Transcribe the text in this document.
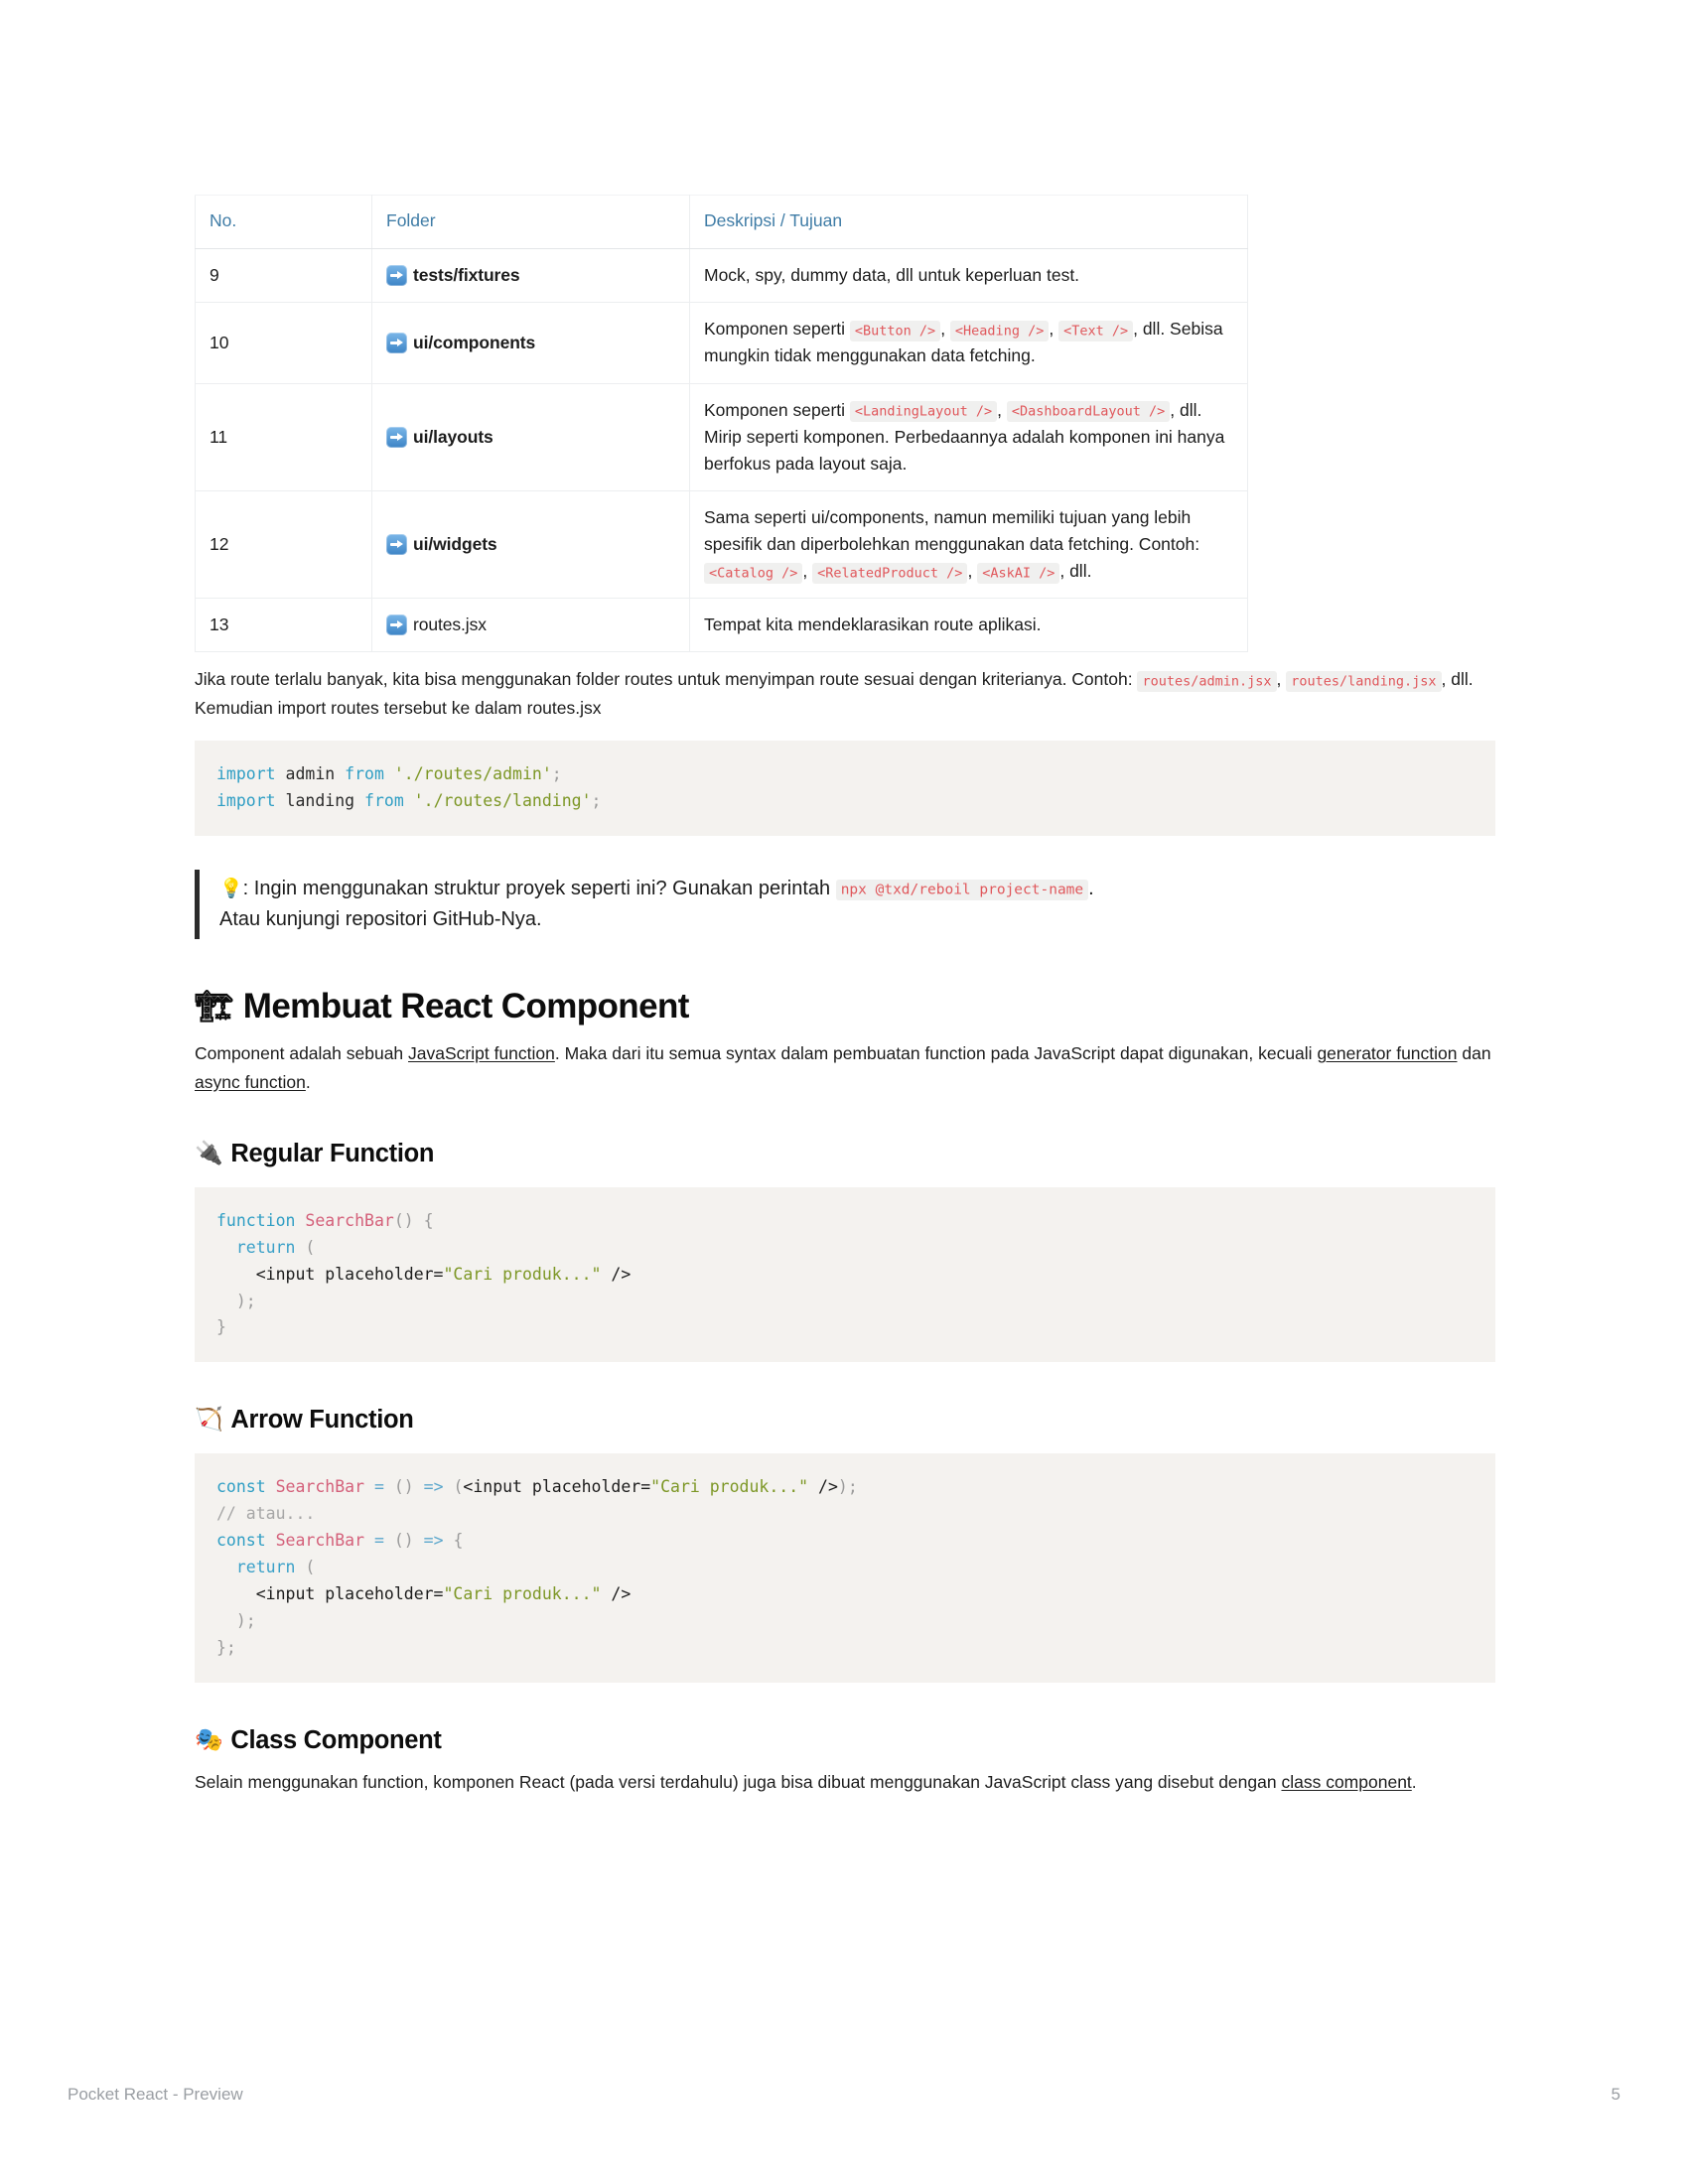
No.	Folder	Deskripsi / Tujuan
9	tests/fixtures	Mock, spy, dummy data, dll untuk keperluan test.
10	ui/components	Komponen seperti <Button /> , <Heading /> , <Text /> , dll. Sebisa mungkin tidak menggunakan data fetching.
11	ui/layouts	Komponen seperti <LandingLayout /> , <DashboardLayout /> , dll. Mirip seperti komponen. Perbedaannya adalah komponen ini hanya berfokus pada layout saja.
12	ui/widgets	Sama seperti ui/components, namun memiliki tujuan yang lebih spesifik dan diperbolehkan menggunakan data fetching. Contoh: <Catalog /> , <RelatedProduct /> , <AskAI /> , dll.
13	routes.jsx	Tempat kita mendeklarasikan route aplikasi.

Jika route terlalu banyak, kita bisa menggunakan folder routes untuk menyimpan route sesuai dengan kriterianya. Contoh: routes/admin.jsx , routes/landing.jsx , dll. Kemudian import routes tersebut ke dalam routes.jsx

import admin from './routes/admin';
import landing from './routes/landing';
💡: Ingin menggunakan struktur proyek seperti ini? Gunakan perintah npx @txd/reboil project-name .
Atau kunjungi repositori GitHub-Nya.
🏗 Membuat React Component

Component adalah sebuah JavaScript function. Maka dari itu semua syntax dalam pembuatan function pada JavaScript dapat digunakan, kecuali generator function dan async function.

🔌 Regular Function
function SearchBar() {
return (
<input placeholder="Cari produk..." />
);
}
🏹 Arrow Function
const SearchBar = () => (<input placeholder="Cari produk..." />);
// atau...
const SearchBar = () => {
return (
<input placeholder="Cari produk..." />
);
};
🎭 Class Component

Selain menggunakan function, komponen React (pada versi terdahulu) juga bisa dibuat menggunakan JavaScript class yang disebut dengan class component.

Pocket React - Preview	5
